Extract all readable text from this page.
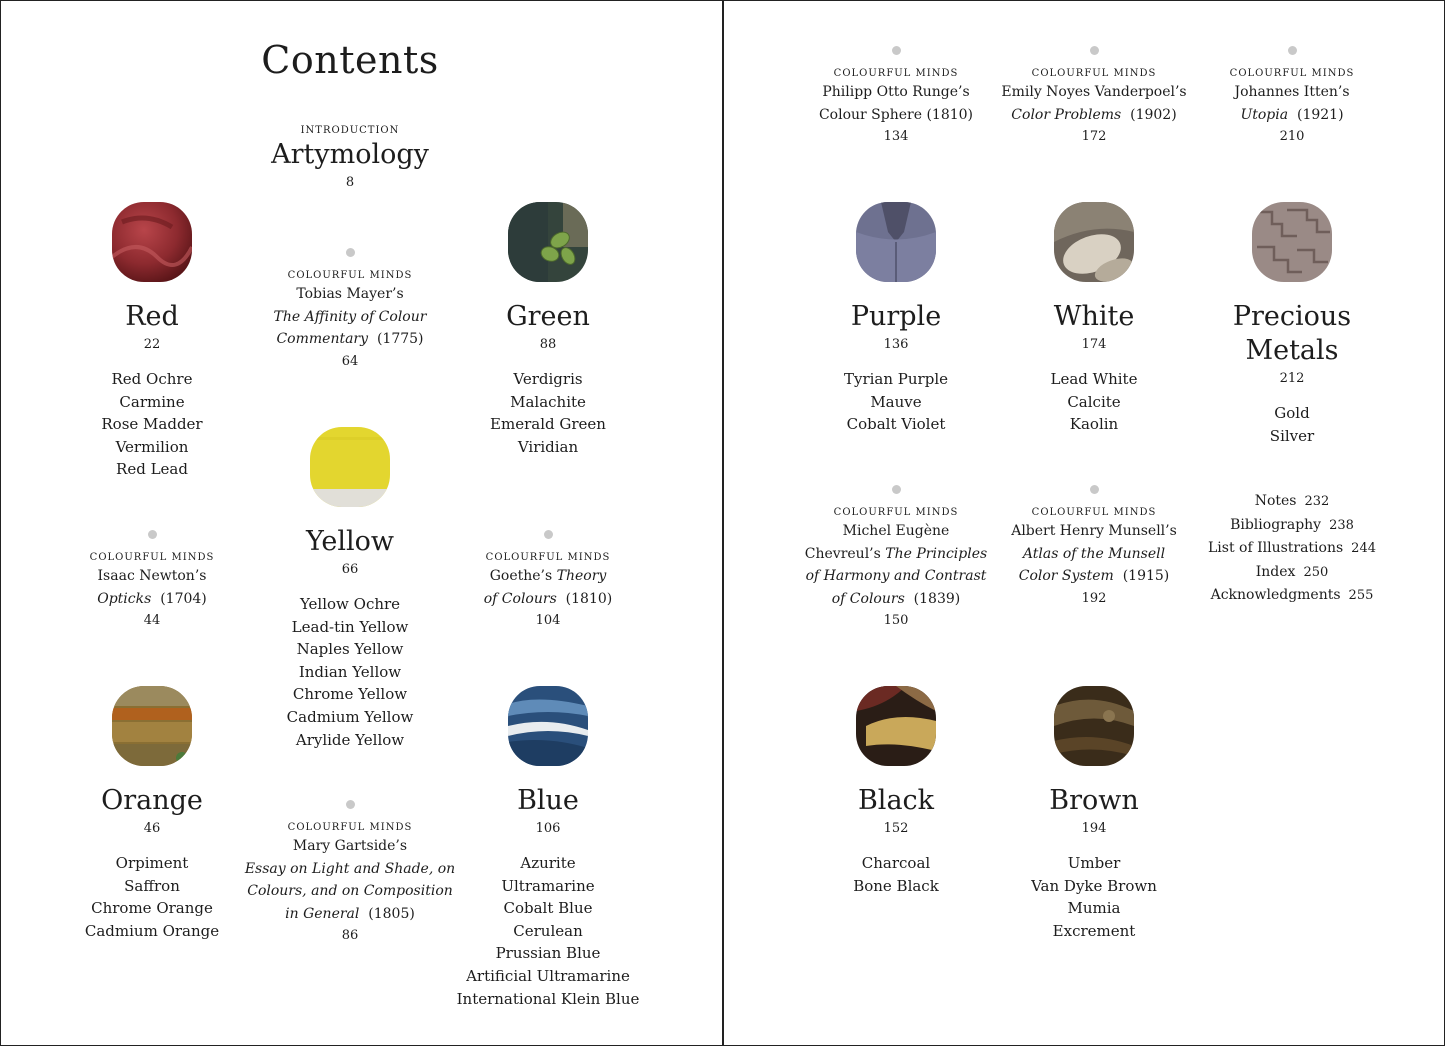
Contents
INTRODUCTION
Artymology
8
Red
22
Red Ochre
Carmine
Rose Madder
Vermilion
Red Lead
COLOURFUL MINDS
Tobias Mayer’s
The Affinity of Colour
Commentary (1775)
64
Green
88
Verdigris
Malachite
Emerald Green
Viridian
Yellow
66
Yellow Ochre
Lead-tin Yellow
Naples Yellow
Indian Yellow
Chrome Yellow
Cadmium Yellow
Arylide Yellow
COLOURFUL MINDS
Isaac Newton’s
Opticks (1704)
44
COLOURFUL MINDS
Goethe’s Theory
of Colours (1810)
104
Orange
46
Orpiment
Saffron
Chrome Orange
Cadmium Orange
Blue
106
Azurite
Ultramarine
Cobalt Blue
Cerulean
Prussian Blue
Artificial Ultramarine
International Klein Blue
COLOURFUL MINDS
Mary Gartside’s
Essay on Light and Shade, on
Colours, and on Composition
in General (1805)
86
COLOURFUL MINDS
Philipp Otto Runge’s
Colour Sphere (1810)
134
COLOURFUL MINDS
Emily Noyes Vanderpoel’s
Color Problems (1902)
172
COLOURFUL MINDS
Johannes Itten’s
Utopia (1921)
210
Purple
136
Tyrian Purple
Mauve
Cobalt Violet
White
174
Lead White
Calcite
Kaolin
Precious
Metals
212
Gold
Silver
COLOURFUL MINDS
Michel Eugène
Chevreul’s The Principles
of Harmony and Contrast
of Colours (1839)
150
COLOURFUL MINDS
Albert Henry Munsell’s
Atlas of the Munsell
Color System (1915)
192
Notes 232
Bibliography 238
List of Illustrations 244
Index 250
Acknowledgments 255
Black
152
Charcoal
Bone Black
Brown
194
Umber
Van Dyke Brown
Mumia
Excrement
